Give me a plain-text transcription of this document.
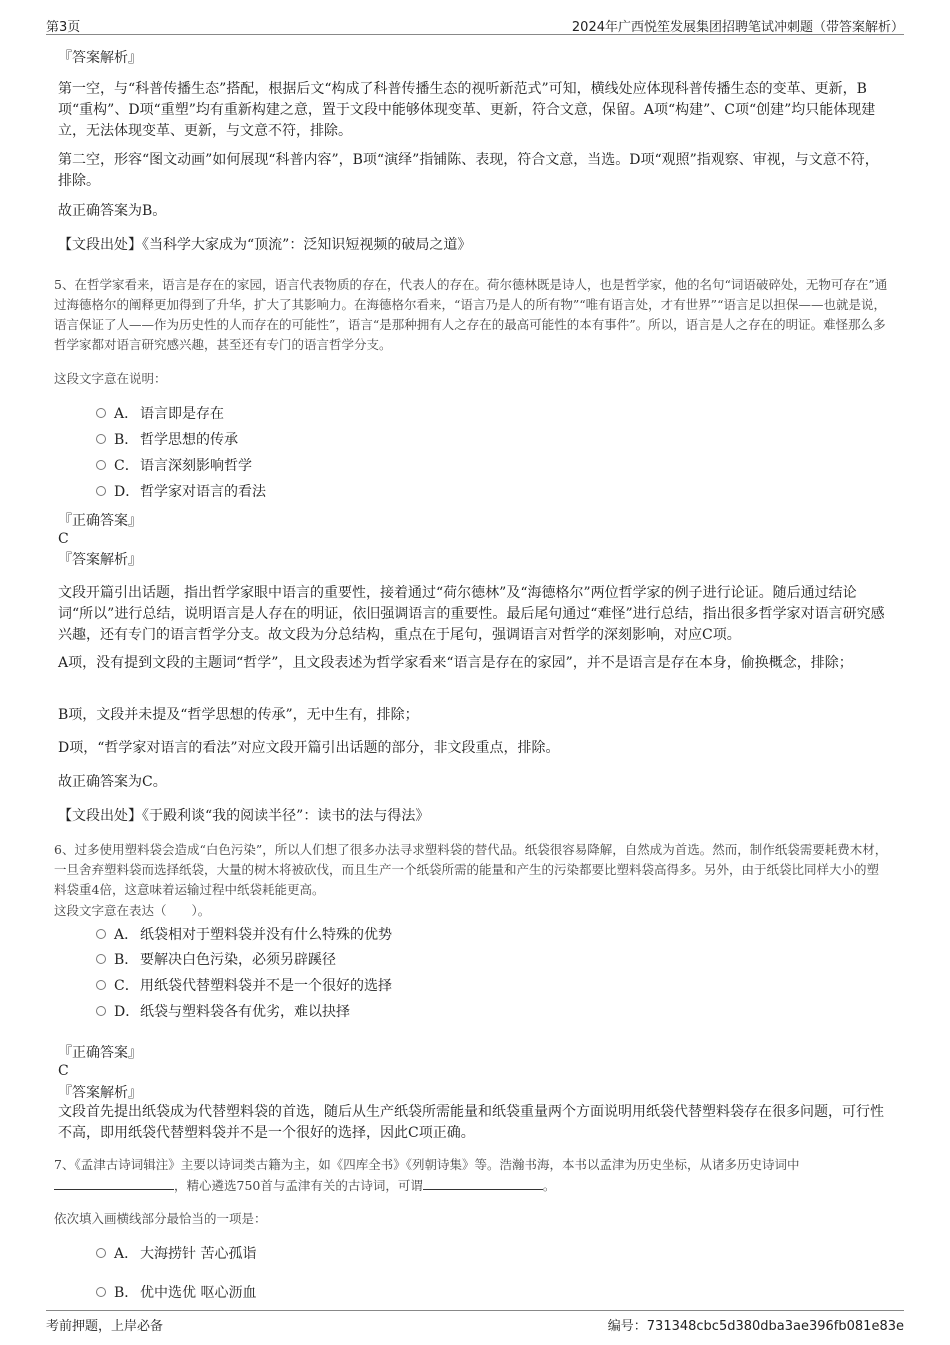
第3页	2024年广西悦笙发展集团招聘笔试冲刺题（带答案解析）
『答案解析』
第一空，与“科普传播生态”搭配，根据后文“构成了科普传播生态的视听新范式”可知，横线处应体现科普传播生态的变革、更新，B项“重构”、D项“重塑”均有重新构建之意，置于文段中能够体现变革、更新，符合文意，保留。A项“构建”、C项“创建”均只能体现建立，无法体现变革、更新，与文意不符，排除。
第二空，形容“图文动画”如何展现“科普内容”，B项“演绎”指铺陈、表现，符合文意，当选。D项“观照”指观察、审视，与文意不符，排除。
故正确答案为B。
【文段出处】《当科学大家成为“顶流”：泛知识短视频的破局之道》
5、在哲学家看来，语言是存在的家园，语言代表物质的存在，代表人的存在。荷尔德林既是诗人，也是哲学家，他的名句“词语破碎处，无物可存在”通过海德格尔的阐释更加得到了升华，扩大了其影响力。在海德格尔看来，“语言乃是人的所有物”“唯有语言处，才有世界”“语言足以担保——也就是说，语言保证了人——作为历史性的人而存在的可能性”，语言“是那种拥有人之存在的最高可能性的本有事件”。所以，语言是人之存在的明证。难怪那么多哲学家都对语言研究感兴趣，甚至还有专门的语言哲学分支。
这段文字意在说明：
A． 语言即是存在
B． 哲学思想的传承
C．语言深刻影响哲学
D．哲学家对语言的看法
『正确答案』
C
『答案解析』
文段开篇引出话题，指出哲学家眼中语言的重要性，接着通过“荷尔德林”及“海德格尔”两位哲学家的例子进行论证。随后通过结论词“所以”进行总结，说明语言是人存在的明证，依旧强调语言的重要性。最后尾句通过“难怪”进行总结，指出很多哲学家对语言研究感兴趣，还有专门的语言哲学分支。故文段为分总结构，重点在于尾句，强调语言对哲学的深刻影响，对应C项。
A项，没有提到文段的主题词“哲学”，且文段表述为哲学家看来“语言是存在的家园”，并不是语言是存在本身，偷换概念，排除；
B项，文段并未提及“哲学思想的传承”，无中生有，排除；
D项，“哲学家对语言的看法”对应文段开篇引出话题的部分，非文段重点，排除。
故正确答案为C。
【文段出处】《于殿利谈“我的阅读半径”：读书的法与得法》
6、过多使用塑料袋会造成“白色污染”，所以人们想了很多办法寻求塑料袋的替代品。纸袋很容易降解，自然成为首选。然而，制作纸袋需要耗费木材，一旦舍弃塑料袋而选择纸袋，大量的树木将被砍伐，而且生产一个纸袋所需的能量和产生的污染都要比塑料袋高得多。另外，由于纸袋比同样大小的塑料袋重4倍，这意味着运输过程中纸袋耗能更高。
这段文字意在表达（　　）。
A． 纸袋相对于塑料袋并没有什么特殊的优势
B． 要解决白色污染，必须另辟蹊径
C．用纸袋代替塑料袋并不是一个很好的选择
D．纸袋与塑料袋各有优劣，难以抉择
『正确答案』
C
『答案解析』
文段首先提出纸袋成为代替塑料袋的首选，随后从生产纸袋所需能量和纸袋重量两个方面说明用纸袋代替塑料袋存在很多问题，可行性不高，即用纸袋代替塑料袋并不是一个很好的选择，因此C项正确。
7、《孟津古诗词辑注》主要以诗词类古籍为主，如《四库全书》《列朝诗集》等。浩瀚书海，本书以孟津为历史坐标，从诸多历史诗词中，精心遴选750首与孟津有关的古诗词，可谓	。
依次填入画横线部分最恰当的一项是：
A． 大海捞针 苦心孤诣
B． 优中选优 呕心沥血
考前押题，上岸必备	编号：731348cbc5d380dba3ae396fb081e83e
